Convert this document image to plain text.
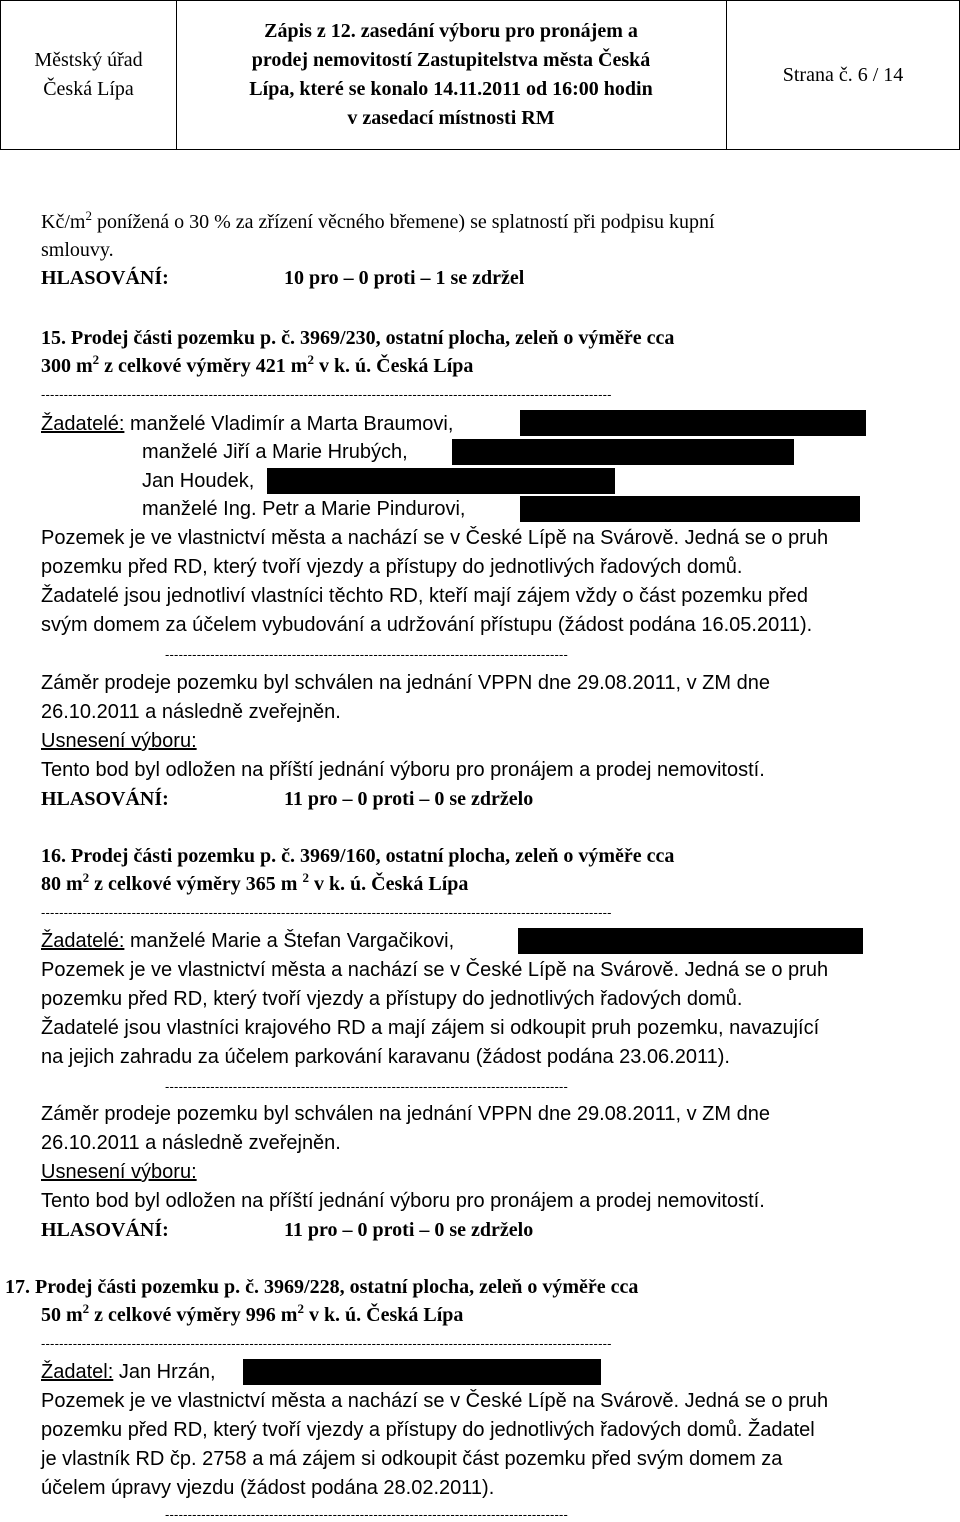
Městský úřad
Česká Lípa
Zápis z 12. zasedání výboru pro pronájem a
prodej nemovitostí Zastupitelstva města Česká
Lípa, které se konalo 14.11.2011 od 16:00 hodin
v zasedací místnosti RM
Strana č. 6 / 14
$Kč/m^2$ ponížená o 30 % za zřízení věcného břemene) se splatností při podpisu kupní
smlouvy.
HLASOVÁNÍ:	10 pro – 0 proti – 1 se zdržel
15. Prodej části pozemku p. č. 3969/230, ostatní plocha, zeleň o výměře cca
300 $m^2$ z celkové výměry 421 $m^2$ v k. ú. Česká Lípa
------------------------------------------------------------------------------------------------------------------------------
Žadatelé: manželé Vladimír a Marta Braumovi,
manželé Jiří a Marie Hrubých,
Jan Houdek,
manželé Ing. Petr a Marie Pindurovi,
Pozemek je ve vlastnictví města a nachází se v České Lípě na Svárově. Jedná se o pruh
pozemku před RD, který tvoří vjezdy a přístupy do jednotlivých řadových domů.
Žadatelé jsou jednotliví vlastníci těchto RD, kteří mají zájem vždy o část pozemku před
svým domem za účelem vybudování a udržování přístupu (žádost podána 16.05.2011).
-----------------------------------------------------------------------------------------
Záměr prodeje pozemku byl schválen na jednání VPPN dne 29.08.2011, v ZM dne
26.10.2011 a následně zveřejněn.
Usnesení výboru:
Tento bod byl odložen na příští jednání výboru pro pronájem a prodej nemovitostí.
HLASOVÁNÍ:	11 pro – 0 proti – 0 se zdrželo
16. Prodej části pozemku p. č. 3969/160, ostatní plocha, zeleň o výměře cca
80 $m^2$ z celkové výměry 365 m $^2$ v k. ú. Česká Lípa
------------------------------------------------------------------------------------------------------------------------------
Žadatelé: manželé Marie a Štefan Vargačikovi,
Pozemek je ve vlastnictví města a nachází se v České Lípě na Svárově. Jedná se o pruh
pozemku před RD, který tvoří vjezdy a přístupy do jednotlivých řadových domů.
Žadatelé jsou vlastníci krajového RD a mají zájem si odkoupit pruh pozemku, navazující
na jejich zahradu za účelem parkování karavanu (žádost podána 23.06.2011).
-----------------------------------------------------------------------------------------
Záměr prodeje pozemku byl schválen na jednání VPPN dne 29.08.2011, v ZM dne
26.10.2011 a následně zveřejněn.
Usnesení výboru:
Tento bod byl odložen na příští jednání výboru pro pronájem a prodej nemovitostí.
HLASOVÁNÍ:	11 pro – 0 proti – 0 se zdrželo
17. Prodej části pozemku p. č. 3969/228, ostatní plocha, zeleň o výměře cca
50 $m^2$ z celkové výměry 996 $m^2$ v k. ú. Česká Lípa
------------------------------------------------------------------------------------------------------------------------------
Žadatel: Jan Hrzán,
Pozemek je ve vlastnictví města a nachází se v České Lípě na Svárově. Jedná se o pruh
pozemku před RD, který tvoří vjezdy a přístupy do jednotlivých řadových domů. Žadatel
je vlastník RD čp. 2758 a má zájem si odkoupit část pozemku před svým domem za
účelem úpravy vjezdu (žádost podána 28.02.2011).
-----------------------------------------------------------------------------------------
